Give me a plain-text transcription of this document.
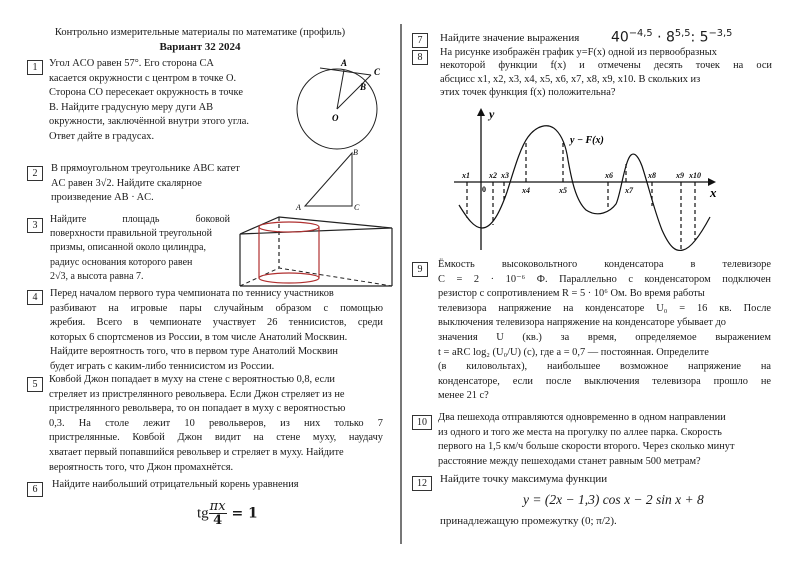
Контрольно измерительные материалы по математике (профиль)
Вариант 32 2024
1	Угол ACO равен 57°. Его сторона CA
касается окружности с центром в точке O.
Сторона CO пересекает окружность в точке
B. Найдите градусную меру дуги AB
окружности, заключённой внутри этого угла.
Ответ дайте в градусах.
A
C
B
O
2	В прямоугольном треугольнике ABC катет
AC равен 3√2. Найдите скалярное
произведение AB · AC.
A
B
C
3
Найдите площадь боковой
поверхности правильной треугольной
призмы, описанной около цилиндра,
радиус основания которого равен
2√3, а высота равна 7.
4	Перед началом первого тура чемпионата по теннису участников
разбивают на игровые пары случайным образом с помощью
жребия. Всего в чемпионате участвует 26 теннисистов, среди
которых 6 спортсменов из России, в том числе Анатолий Москвин.
Найдите вероятность того, что в первом туре Анатолий Москвин
будет играть с каким-либо теннисистом из России.
5	Ковбой Джон попадает в муху на стене с вероятностью 0,8, если
стреляет из пристрелянного револьвера. Если Джон стреляет из не
пристрелянного револьвера, то он попадает в муху с вероятностью
0,3. На столе лежит 10 револьверов, из них только 7
пристрелянные. Ковбой Джон видит на стене муху, наудачу
хватает первый попавшийся револьвер и стреляет в муху. Найдите
вероятность того, что Джон промахнётся.
6	Найдите наибольший отрицательный корень уравнения
tg $\frac{\pi x}{4} = 1$
7	Найдите значение выражения	$40^{-4,5} \cdot 8^{5,5}$: $5^{-3,5}$
8	На рисунке изображён график y=F(x) одной из первообразных
некоторой функции f(x) и отмечены десять точек на оси
абсцисс x1, x2, x3, x4, x5, x6, x7, x8, x9, x10. В скольких из
этих точек функция f(x) положительна?
y
x
0
y − F(x)
x1 x2 x3
x4	x5
x6
x7
x8	x9 x10
9	Ёмкость высоковольтного конденсатора в телевизоре
C = 2 · 10⁻⁶ Ф. Параллельно с конденсатором подключен
резистор с сопротивлением R = 5 · 10⁶ Ом. Во время работы
телевизора напряжение на конденсаторе U₀ = 16 кв. После
выключения телевизора напряжение на конденсаторе убывает до
значения U (кв.) за время, определяемое выражением
t = aRC log₂ (U₀/U) (с), где a = 0,7 — постоянная. Определите
(в киловольтах), наибольшее возможное напряжение на
конденсаторе, если после выключения телевизора прошло не
менее 21 с?
10	Два пешехода отправляются одновременно в одном направлении
из одного и того же места на прогулку по аллее парка. Скорость
первого на 1,5 км/ч больше скорости второго. Через сколько минут
расстояние между пешеходами станет равным 500 метрам?
12	Найдите точку максимума функции
y = (2x − 1,3) cos x − 2 sin x + 8
принадлежащую промежутку (0; π/2).
